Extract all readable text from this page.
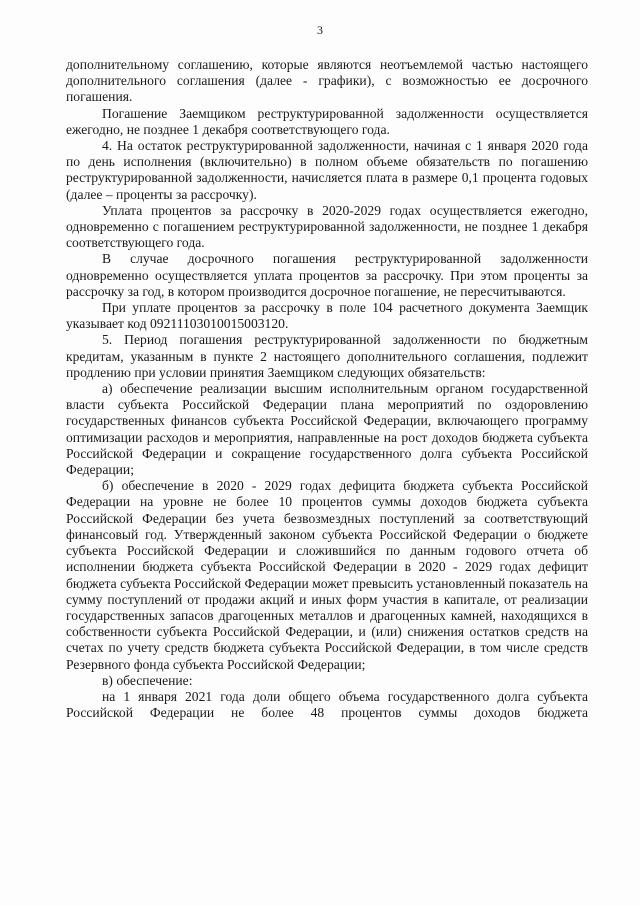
3

дополнительному соглашению, которые являются неотъемлемой частью настоящего дополнительного соглашения (далее - графики), с возможностью ее досрочного погашения.

Погашение Заемщиком реструктурированной задолженности осуществляется ежегодно, не позднее 1 декабря соответствующего года.

4. На остаток реструктурированной задолженности, начиная с 1 января 2020 года по день исполнения (включительно) в полном объеме обязательств по погашению реструктурированной задолженности, начисляется плата в размере 0,1 процента годовых (далее – проценты за рассрочку).

Уплата процентов за рассрочку в 2020-2029 годах осуществляется ежегодно, одновременно с погашением реструктурированной задолженности, не позднее 1 декабря соответствующего года.

В случае досрочного погашения реструктурированной задолженности одновременно осуществляется уплата процентов за рассрочку. При этом проценты за рассрочку за год, в котором производится досрочное погашение, не пересчитываются.

При уплате процентов за рассрочку в поле 104 расчетного документа Заемщик указывает код 09211103010015003120.

5. Период погашения реструктурированной задолженности по бюджетным кредитам, указанным в пункте 2 настоящего дополнительного соглашения, подлежит продлению при условии принятия Заемщиком следующих обязательств:

а) обеспечение реализации высшим исполнительным органом государственной власти субъекта Российской Федерации плана мероприятий по оздоровлению государственных финансов субъекта Российской Федерации, включающего программу оптимизации расходов и мероприятия, направленные на рост доходов бюджета субъекта Российской Федерации и сокращение государственного долга субъекта Российской Федерации;

б) обеспечение в 2020 - 2029 годах дефицита бюджета субъекта Российской Федерации на уровне не более 10 процентов суммы доходов бюджета субъекта Российской Федерации без учета безвозмездных поступлений за соответствующий финансовый год. Утвержденный законом субъекта Российской Федерации о бюджете субъекта Российской Федерации и сложившийся по данным годового отчета об исполнении бюджета субъекта Российской Федерации в 2020 - 2029 годах дефицит бюджета субъекта Российской Федерации может превысить установленный показатель на сумму поступлений от продажи акций и иных форм участия в капитале, от реализации государственных запасов драгоценных металлов и драгоценных камней, находящихся в собственности субъекта Российской Федерации, и (или) снижения остатков средств на счетах по учету средств бюджета субъекта Российской Федерации, в том числе средств Резервного фонда субъекта Российской Федерации;

в) обеспечение:

на 1 января 2021 года доли общего объема государственного долга субъекта Российской Федерации не более 48 процентов суммы доходов бюджета
